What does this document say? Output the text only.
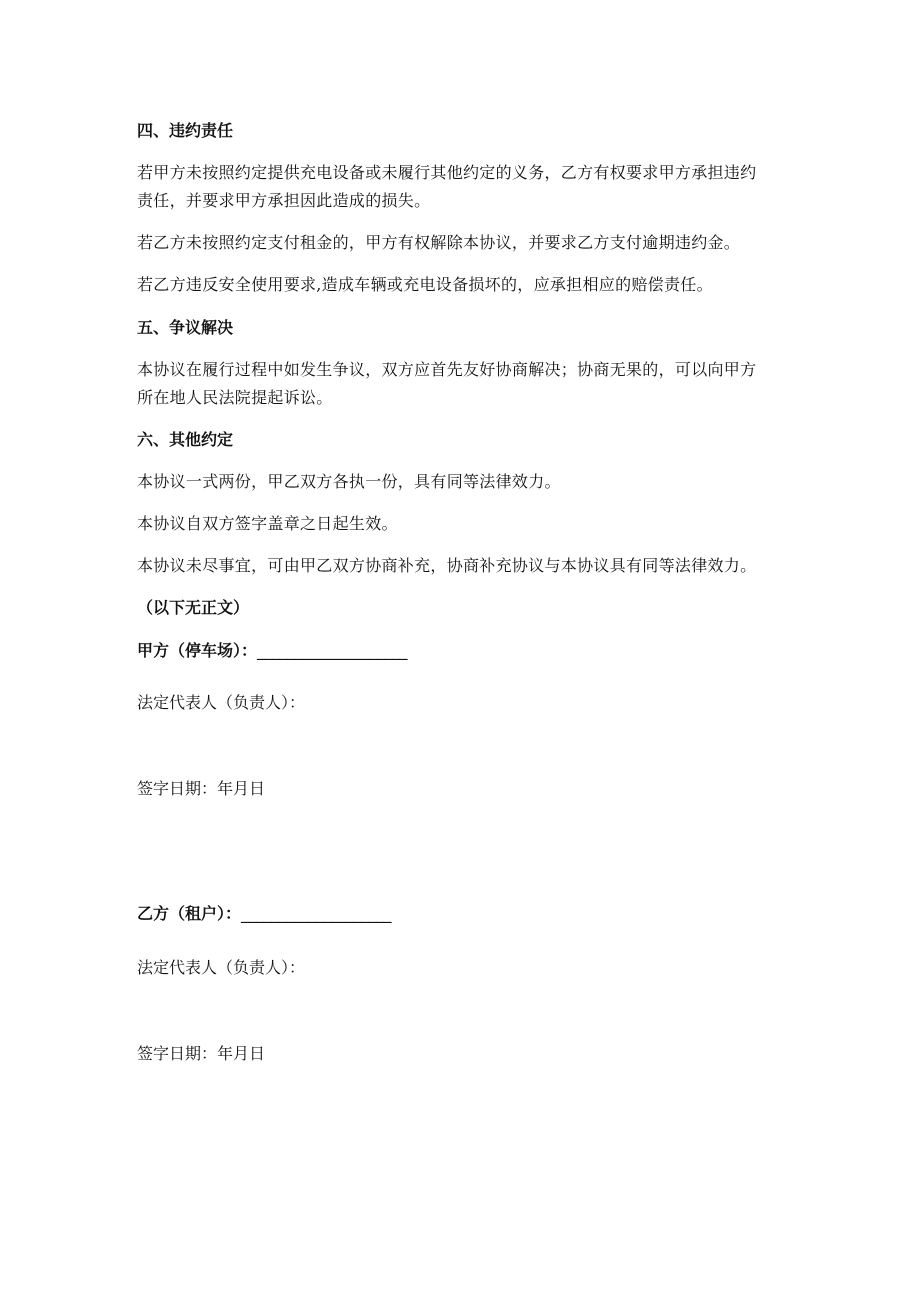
四、违约责任

若甲方未按照约定提供充电设备或未履行其他约定的义务，乙方有权要求甲方承担违约

责任，并要求甲方承担因此造成的损失。

若乙方未按照约定支付租金的，甲方有权解除本协议，并要求乙方支付逾期违约金。

若乙方违反安全使用要求,造成车辆或充电设备损坏的，应承担相应的赔偿责任。

五、争议解决

本协议在履行过程中如发生争议，双方应首先友好协商解决；协商无果的，可以向甲方

所在地人民法院提起诉讼。

六、其他约定

本协议一式两份，甲乙双方各执一份，具有同等法律效力。

本协议自双方签字盖章之日起生效。

本协议未尽事宜，可由甲乙双方协商补充，协商补充协议与本协议具有同等法律效力。

（以下无正文）

甲方（停车场）：____________________

法定代表人（负责人）：

签字日期：年月日

乙方（租户）：____________________

法定代表人（负责人）：

签字日期：年月日
